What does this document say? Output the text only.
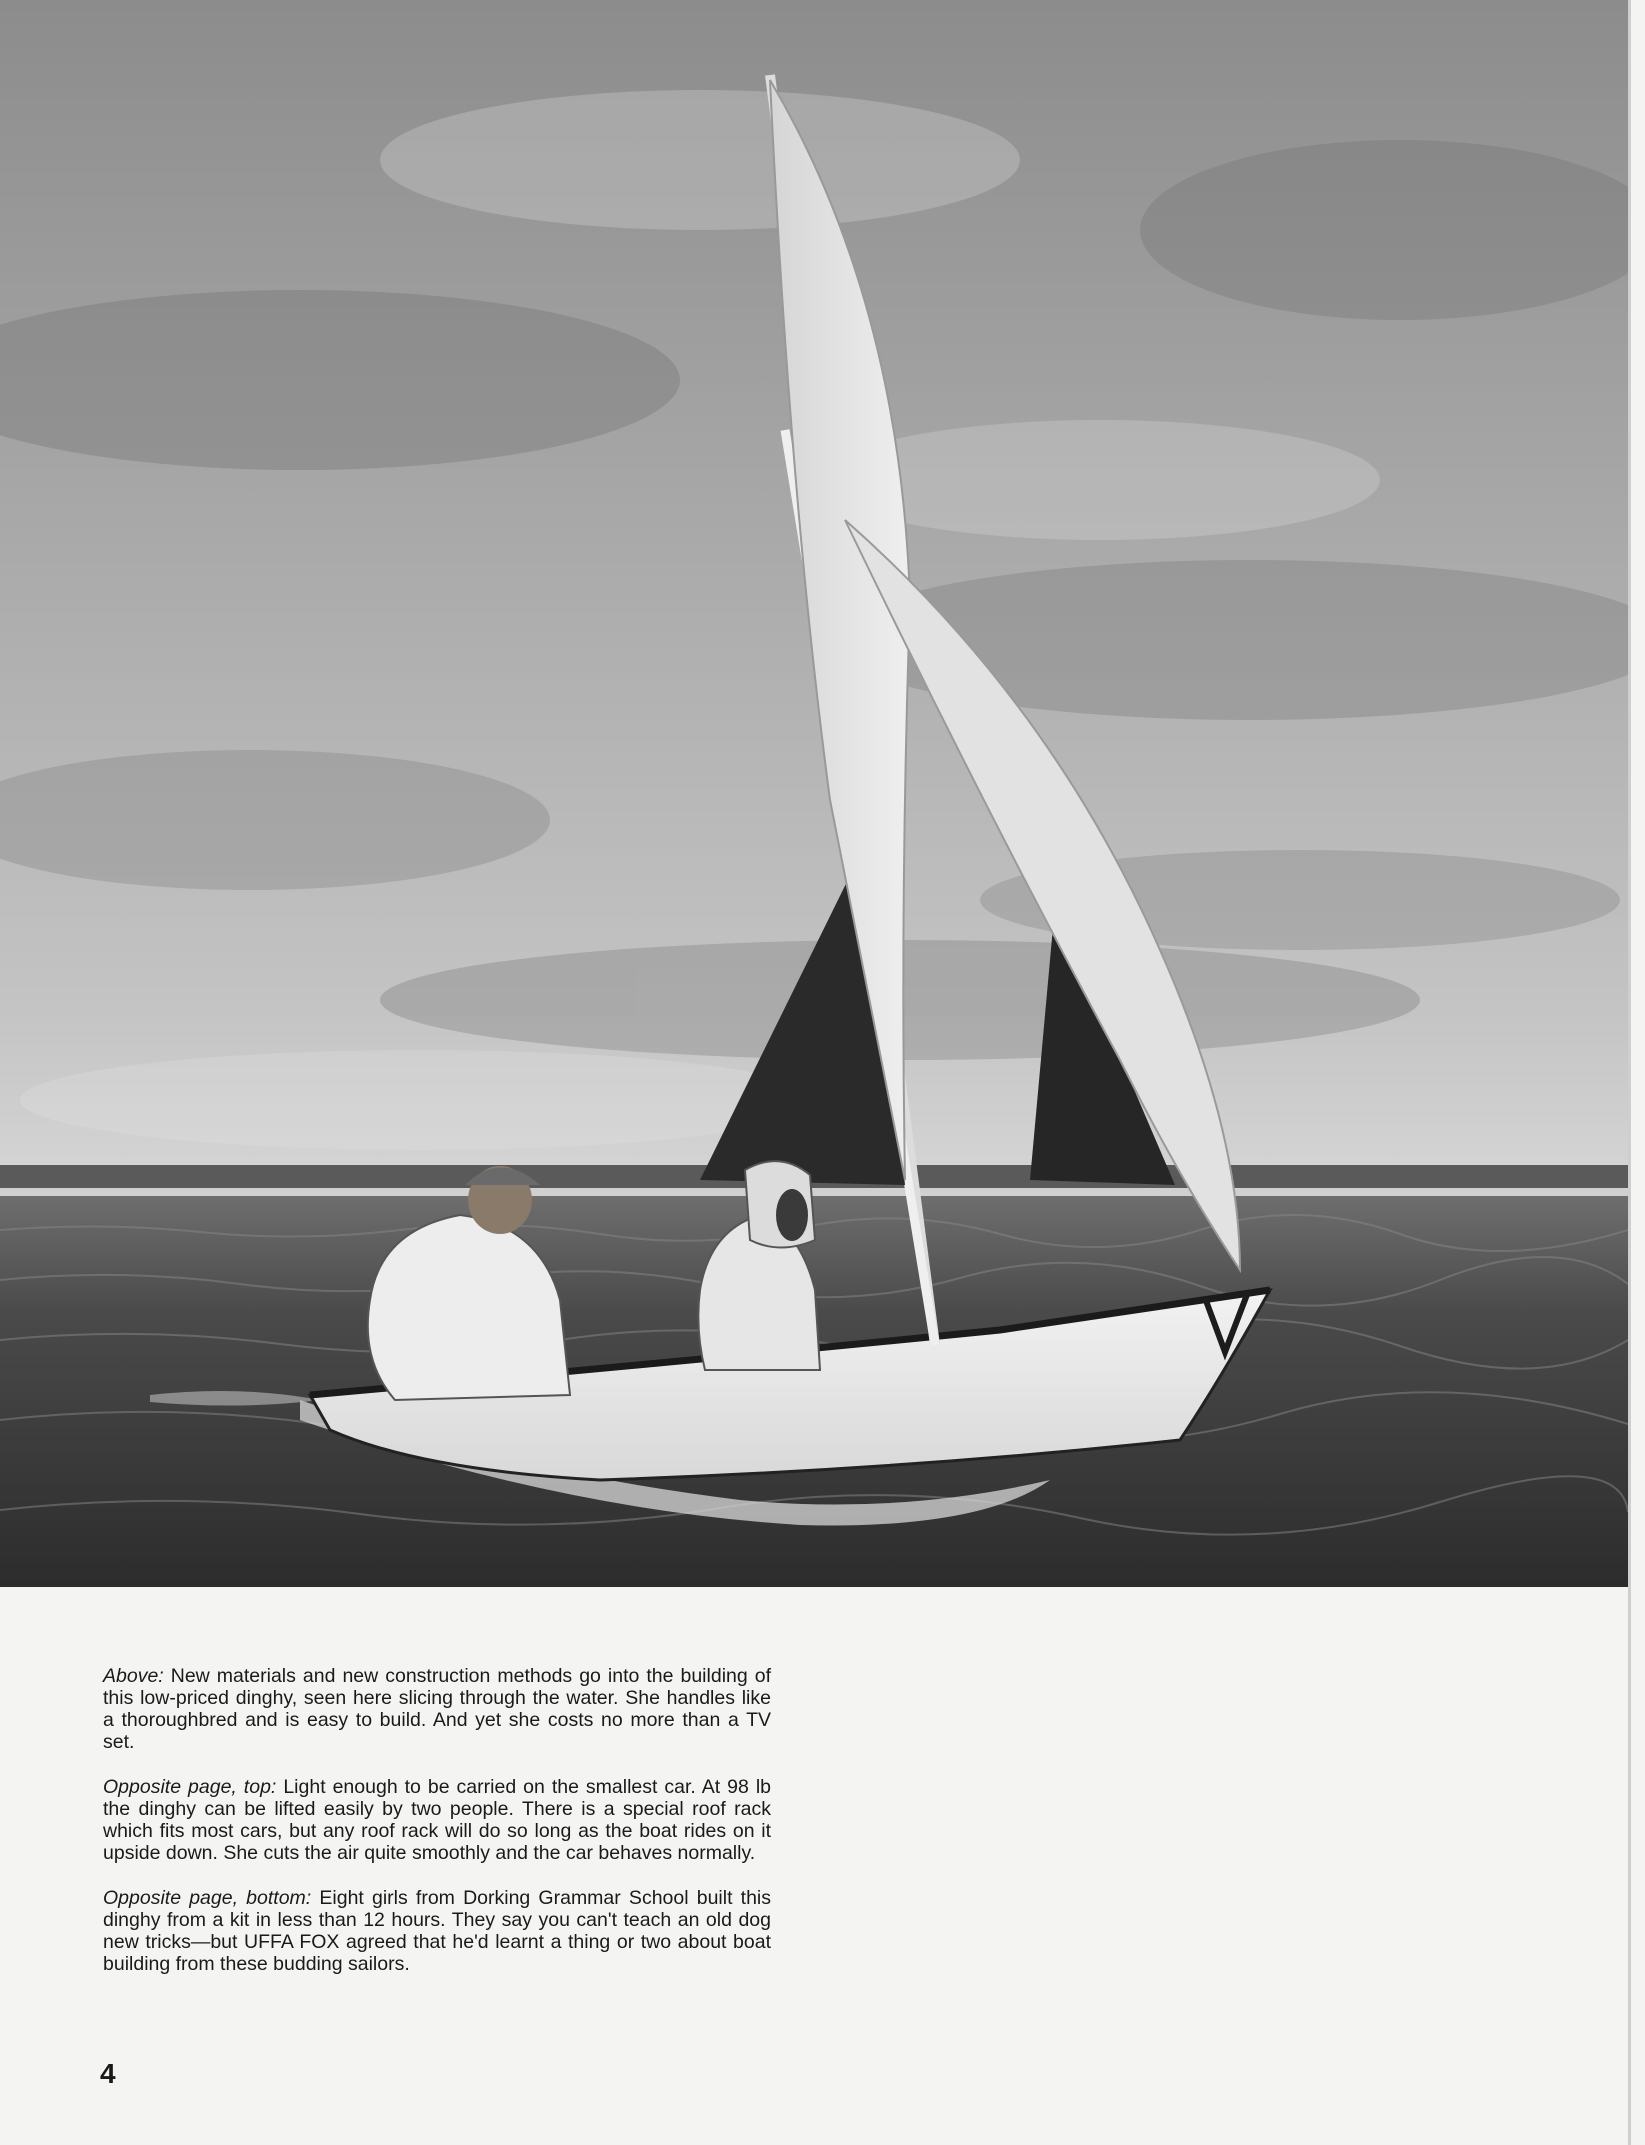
Above: New materials and new construction methods go into the building of this low-priced dinghy, seen here slicing through the water. She handles like a thoroughbred and is easy to build. And yet she costs no more than a TV set.

Opposite page, top: Light enough to be carried on the smallest car. At 98 lb the dinghy can be lifted easily by two people. There is a special roof rack which fits most cars, but any roof rack will do so long as the boat rides on it upside down. She cuts the air quite smoothly and the car behaves normally.

Opposite page, bottom: Eight girls from Dorking Grammar School built this dinghy from a kit in less than 12 hours. They say you can't teach an old dog new tricks—but UFFA FOX agreed that he'd learnt a thing or two about boat building from these budding sailors.

4
